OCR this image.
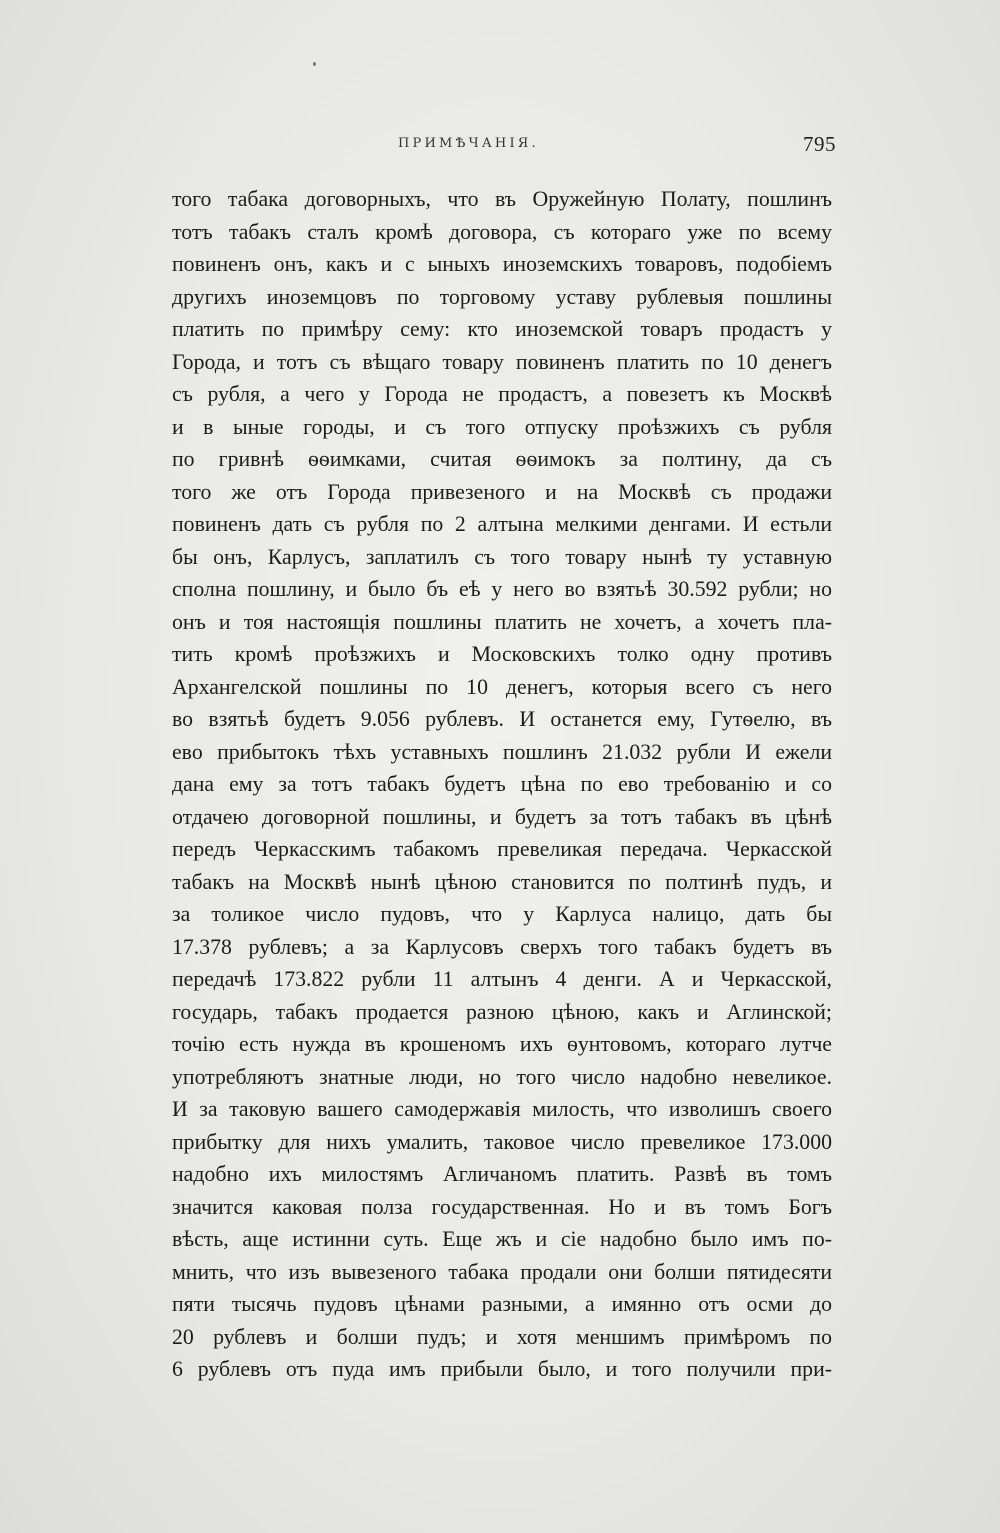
ПРИМѢЧАНІЯ.	795
того табака договорныхъ, что въ Оружейную Полату, пошлинъ
тотъ табакъ сталъ кромѣ договора, съ котораго уже по всему
повиненъ онъ, какъ и с ыныхъ иноземскихъ товаровъ, подобіемъ
другихъ иноземцовъ по торговому уставу рублевыя пошлины
платить по примѣру сему: кто иноземской товаръ продастъ у
Города, и тотъ съ вѣщаго товару повиненъ платить по 10 денегъ
съ рубля, а чего у Города не продастъ, а повезетъ къ Москвѣ
и в ыные городы, и съ того отпуску проѣзжихъ съ рубля
по гривнѣ ѳѳимками, считая ѳѳимокъ за полтину, да съ
того же отъ Города привезеного и на Москвѣ съ продажи
повиненъ дать съ рубля по 2 алтына мелкими денгами. И естьли
бы онъ, Карлусъ, заплатилъ съ того товару нынѣ ту уставную
сполна пошлину, и было бъ еѣ у него во взятьѣ 30.592 рубли; но
онъ и тоя настоящія пошлины платить не хочетъ, а хочетъ пла-
тить кромѣ проѣзжихъ и Московскихъ толко одну противъ
Архангелской пошлины по 10 денегъ, которыя всего съ него
во взятьѣ будетъ 9.056 рублевъ. И останется ему, Гутѳелю, въ
ево прибытокъ тѣхъ уставныхъ пошлинъ 21.032 рубли И ежели
дана ему за тотъ табакъ будетъ цѣна по ево требованію и со
отдачею договорной пошлины, и будетъ за тотъ табакъ въ цѣнѣ
передъ Черкасскимъ табакомъ превеликая передача. Черкасской
табакъ на Москвѣ нынѣ цѣною становится по полтинѣ пудъ, и
за толикое число пудовъ, что у Карлуса налицо, дать бы
17.378 рублевъ; а за Карлусовъ сверхъ того табакъ будетъ въ
передачѣ 173.822 рубли 11 алтынъ 4 денги. А и Черкасской,
государь, табакъ продается разною цѣною, какъ и Аглинской;
точію есть нужда въ крошеномъ ихъ ѳунтовомъ, котораго лутче
употребляютъ знатные люди, но того число надобно невеликое.
И за таковую вашего самодержавія милость, что изволишъ своего
прибытку для нихъ умалить, таковое число превеликое 173.000
надобно ихъ милостямъ Агличаномъ платить. Развѣ въ томъ
значится каковая полза государственная. Но и въ томъ Богъ
вѣсть, аще истинни суть. Еще жъ и сіе надобно было имъ по-
мнить, что изъ вывезеного табака продали они болши пятидесяти
пяти тысячь пудовъ цѣнами разными, а имянно отъ осми до
20 рублевъ и болши пудъ; и хотя меншимъ примѣромъ по
6 рублевъ отъ пуда имъ прибыли было, и того получили при-
